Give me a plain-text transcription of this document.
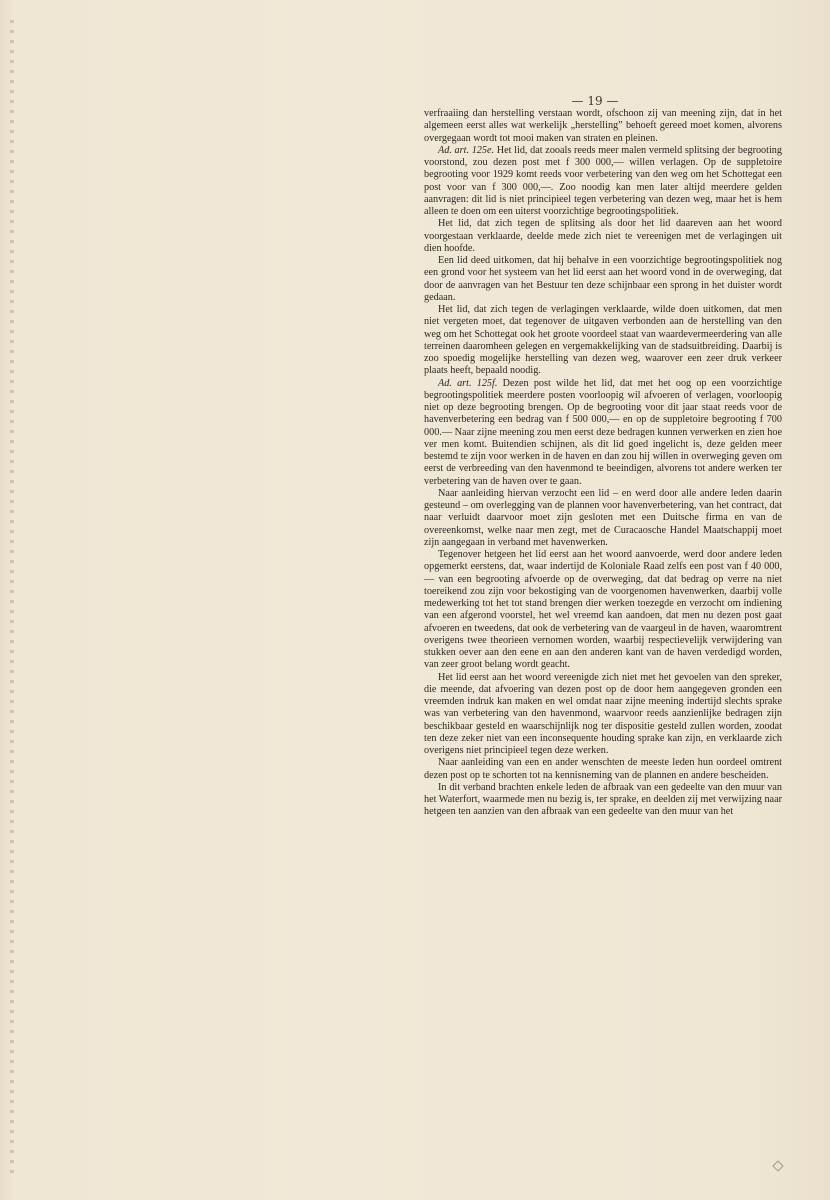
— 19 —

verfraaiing dan herstelling verstaan wordt, ofschoon zij van meening zijn, dat in het algemeen eerst alles wat werkelijk „herstelling” behoeft gereed moet komen, alvorens overgegaan wordt tot mooi maken van straten en pleinen.

Ad. art. 125e. Het lid, dat zooals reeds meer malen vermeld splitsing der begrooting voorstond, zou dezen post met f 300 000,— willen verlagen. Op de suppletoire begrooting voor 1929 komt reeds voor verbetering van den weg om het Schottegat een post voor van f 300 000,—. Zoo noodig kan men later altijd meerdere gelden aanvragen: dit lid is niet principieel tegen verbetering van dezen weg, maar het is hem alleen te doen om een uiterst voorzichtige begrootingspolitiek.

Het lid, dat zich tegen de splitsing als door het lid daareven aan het woord voorgestaan verklaarde, deelde mede zich niet te vereenigen met de verlagingen uit dien hoofde.

Een lid deed uitkomen, dat hij behalve in een voorzichtige begrootingspolitiek nog een grond voor het systeem van het lid eerst aan het woord vond in de overweging, dat door de aanvragen van het Bestuur ten deze schijnbaar een sprong in het duister wordt gedaan.

Het lid, dat zich tegen de verlagingen verklaarde, wilde doen uitkomen, dat men niet vergeten moet, dat tegenover de uitgaven verbonden aan de herstelling van den weg om het Schottegat ook het groote voordeel staat van waardevermeerdering van alle terreinen daaromheen gelegen en vergemakkelijking van de stadsuitbreiding. Daarbij is zoo spoedig mogelijke herstelling van dezen weg, waarover een zeer druk verkeer plaats heeft, bepaald noodig.

Ad. art. 125f. Dezen post wilde het lid, dat met het oog op een voorzichtige begrootingspolitiek meerdere posten voorloopig wil afvoeren of verlagen, voorloopig niet op deze begrooting brengen. Op de begrooting voor dit jaar staat reeds voor de havenverbetering een bedrag van f 500 000,— en op de suppletoire begrooting f 700 000.— Naar zijne meening zou men eerst deze bedragen kunnen verwerken en zien hoe ver men komt. Buitendien schijnen, als dit lid goed ingelicht is, deze gelden meer bestemd te zijn voor werken in de haven en dan zou hij willen in overweging geven om eerst de verbreeding van den havenmond te beeindigen, alvorens tot andere werken ter verbetering van de haven over te gaan.

Naar aanleiding hiervan verzocht een lid – en werd door alle andere leden daarin gesteund – om overlegging van de plannen voor havenverbetering, van het contract, dat naar verluidt daarvoor moet zijn gesloten met een Duitsche firma en van de overeenkomst, welke naar men zegt, met de Curacaosche Handel Maatschappij moet zijn aangegaan in verband met havenwerken.

Tegenover hetgeen het lid eerst aan het woord aanvoerde, werd door andere leden opgemerkt eerstens, dat, waar indertijd de Koloniale Raad zelfs een post van f 40 000,— van een begrooting afvoerde op de overweging, dat dat bedrag op verre na niet toereikend zou zijn voor bekostiging van de voorgenomen havenwerken, daarbij volle medewerking tot het tot stand brengen dier werken toezegde en verzocht om indiening van een afgerond voorstel, het wel vreemd kan aandoen, dat men nu dezen post gaat afvoeren en tweedens, dat ook de verbetering van de vaargeul in de haven, waaromtrent overigens twee theorieen vernomen worden, waarbij respectievelijk verwijdering van stukken oever aan den eene en aan den anderen kant van de haven verdedigd worden, van zeer groot belang wordt geacht.

Het lid eerst aan het woord vereenigde zich niet met het gevoelen van den spreker, die meende, dat afvoering van dezen post op de door hem aangegeven gronden een vreemden indruk kan maken en wel omdat naar zijne meening indertijd slechts sprake was van verbetering van den havenmond, waarvoor reeds aanzienlijke bedragen zijn beschikbaar gesteld en waarschijnlijk nog ter dispositie gesteld zullen worden, zoodat ten deze zeker niet van een inconsequente houding sprake kan zijn, en verklaarde zich overigens niet principieel tegen deze werken.

Naar aanleiding van een en ander wenschten de meeste leden hun oordeel omtrent dezen post op te schorten tot na kennisneming van de plannen en andere bescheiden.

In dit verband brachten enkele leden de afbraak van een gedeelte van den muur van het Waterfort, waarmede men nu bezig is, ter sprake, en deelden zij met verwijzing naar hetgeen ten aanzien van den afbraak van een gedeelte van den muur van het
